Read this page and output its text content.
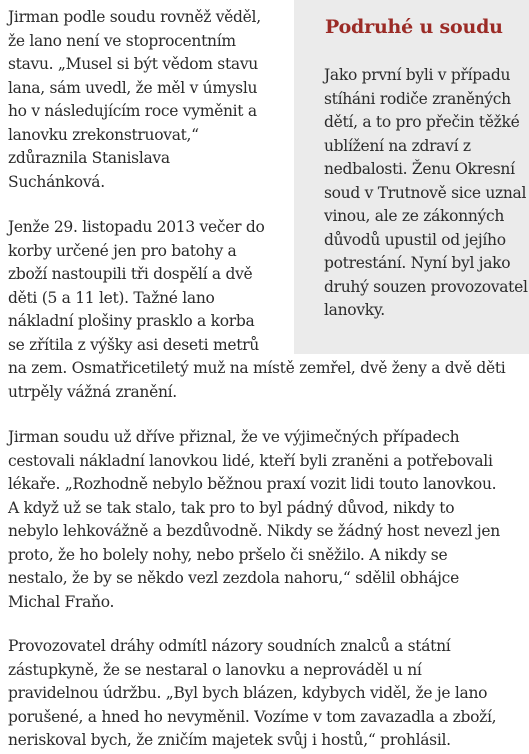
Podruhé u soudu

Jako první byli v případu
stíháni rodiče zraněných
dětí, a to pro přečin těžké
ublížení na zdraví z
nedbalosti. Ženu Okresní
soud v Trutnově sice uznal
vinou, ale ze zákonných
důvodů upustil od jejího
potrestání. Nyní byl jako
druhý souzen provozovatel
lanovky.

Jirman podle soudu rovněž věděl,
že lano není ve stoprocentním
stavu. „Musel si být vědom stavu
lana, sám uvedl, že měl v úmyslu
ho v následujícím roce vyměnit a
lanovku zrekonstruovat,“
zdůraznila Stanislava
Suchánková.

Jenže 29. listopadu 2013 večer do
korby určené jen pro batohy a
zboží nastoupili tři dospělí a dvě
děti (5 a 11 let). Tažné lano
nákladní plošiny prasklo a korba
se zřítila z výšky asi deseti metrů
na zem. Osmatřicetiletý muž na místě zemřel, dvě ženy a dvě děti
utrpěly vážná zranění.

Jirman soudu už dříve přiznal, že ve výjimečných případech
cestovali nákladní lanovkou lidé, kteří byli zraněni a potřebovali
lékaře. „Rozhodně nebylo běžnou praxí vozit lidi touto lanovkou.
A když už se tak stalo, tak pro to byl pádný důvod, nikdy to
nebylo lehkovážně a bezdůvodně. Nikdy se žádný host nevezl jen
proto, že ho bolely nohy, nebo pršelo či sněžilo. A nikdy se
nestalo, že by se někdo vezl zezdola nahoru,“ sdělil obhájce
Michal Fraňo.

Provozovatel dráhy odmítl názory soudních znalců a státní
zástupkyně, že se nestaral o lanovku a neprováděl u ní
pravidelnou údržbu. „Byl bych blázen, kdybych viděl, že je lano
porušené, a hned ho nevyměnil. Vozíme v tom zavazadla a zboží,
neriskoval bych, že zničím majetek svůj i hostů,“ prohlásil.
